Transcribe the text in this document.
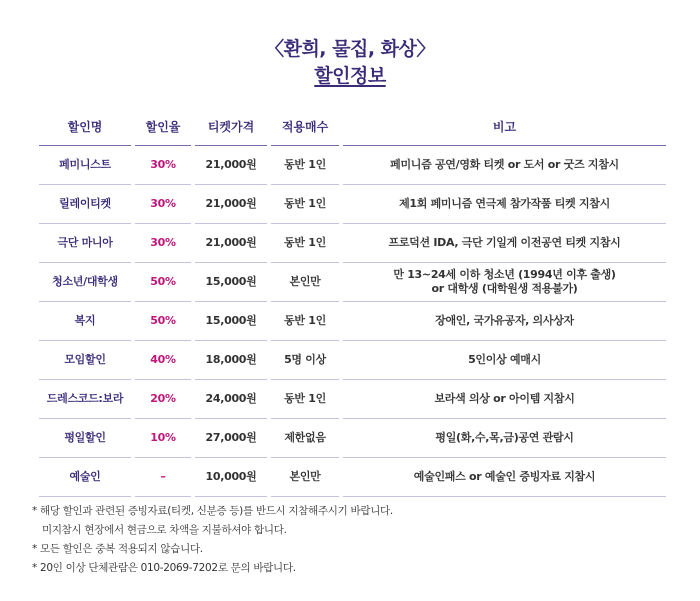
〈환희, 물집, 화상〉
할인정보
할인명	할인율	티켓가격	적용매수	비고
페미니스트	30%	21,000원	동반 1인	페미니즘 공연/영화 티켓 or 도서 or 굿즈 지참시
릴레이티켓	30%	21,000원	동반 1인	제1회 페미니즘 연극제 참가작품 티켓 지참시
극단 마니아	30%	21,000원	동반 1인	프로덕션 IDA, 극단 기일게 이전공연 티켓 지참시
청소년/대학생	50%	15,000원	본인만	만 13~24세 이하 청소년 (1994년 이후 출생)
or 대학생 (대학원생 적용불가)

복지	50%	15,000원	동반 1인	장애인, 국가유공자, 의사상자
모임할인	40%	18,000원	5명 이상	5인이상 예매시
드레스코드:보라	20%	24,000원	동반 1인	보라색 의상 or 아이템 지참시
평일할인	10%	27,000원	제한없음	평일(화,수,목,금)공연 관람시
예술인	–	10,000원	본인만	예술인패스 or 예술인 증빙자료 지참시
* 해당 할인과 관련된 증빙자료(티켓, 신분증 등)를 반드시 지참해주시기 바랍니다.
미지참시 현장에서 현금으로 차액을 지불하셔야 합니다.
* 모든 할인은 중복 적용되지 않습니다.
* 20인 이상 단체관람은 010-2069-7202로 문의 바랍니다.
